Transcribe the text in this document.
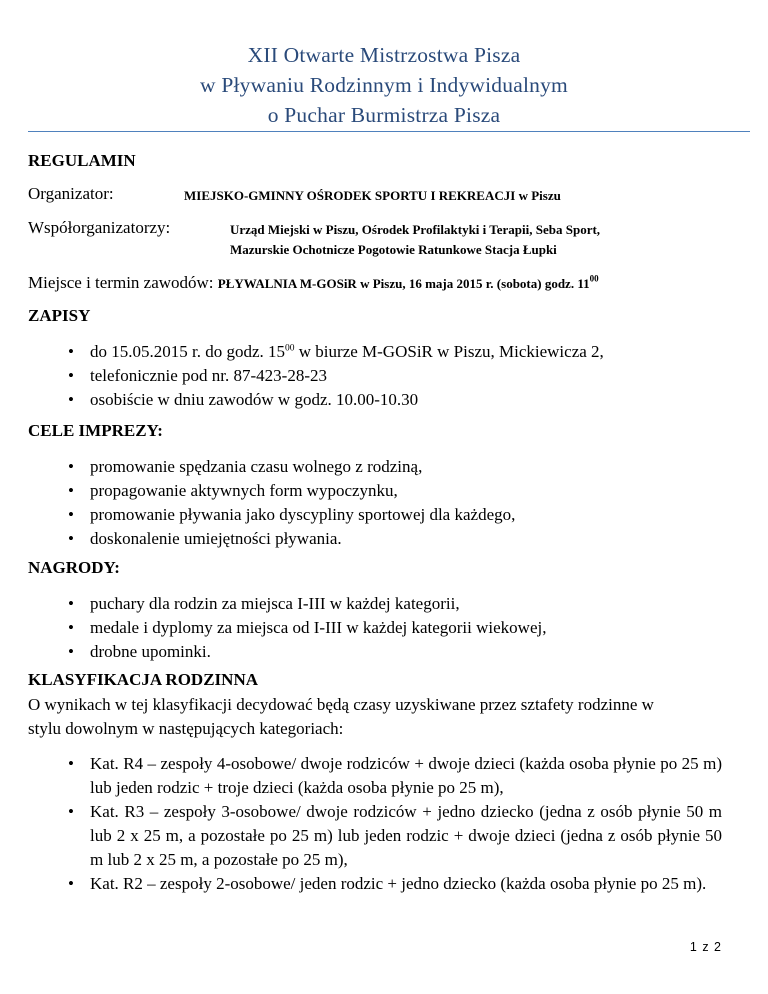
XII Otwarte Mistrzostwa Pisza
w Pływaniu Rodzinnym i Indywidualnym
o Puchar Burmistrza Pisza
REGULAMIN
Organizator:	MIEJSKO-GMINNY OŚRODEK SPORTU I REKREACJI w Piszu
Współorganizatorzy:	Urząd Miejski w Piszu, Ośrodek Profilaktyki i Terapii, Seba Sport,
Mazurskie Ochotnicze Pogotowie Ratunkowe Stacja Łupki
Miejsce i termin zawodów: PŁYWALNIA M-GOSiR w Piszu, 16 maja 2015 r. (sobota) godz. $11^{00}$
ZAPISY
• do 15.05.2015 r. do godz. $15^{00}$ w biurze M-GOSiR w Piszu, Mickiewicza 2,
• telefonicznie pod nr. 87-423-28-23
• osobiście w dniu zawodów w godz. 10.00-10.30
CELE IMPREZY:
• promowanie spędzania czasu wolnego z rodziną,
• propagowanie aktywnych form wypoczynku,
• promowanie pływania jako dyscypliny sportowej dla każdego,
• doskonalenie umiejętności pływania.
NAGRODY:
• puchary dla rodzin za miejsca I-III w każdej kategorii,
• medale i dyplomy za miejsca od I-III w każdej kategorii wiekowej,
• drobne upominki.
KLASYFIKACJA RODZINNA
O wynikach w tej klasyfikacji decydować będą czasy uzyskiwane przez sztafety rodzinne w
stylu dowolnym w następujących kategoriach:
• Kat. R4 – zespoły 4-osobowe/ dwoje rodziców + dwoje dzieci (każda osoba płynie po 25 m) lub jeden rodzic + troje dzieci (każda osoba płynie po 25 m),
• Kat. R3 – zespoły 3-osobowe/ dwoje rodziców + jedno dziecko (jedna z osób płynie 50 m lub 2 x 25 m, a pozostałe po 25 m) lub jeden rodzic + dwoje dzieci (jedna z osób płynie 50 m lub 2 x 25 m, a pozostałe po 25 m),
• Kat. R2 – zespoły 2-osobowe/ jeden rodzic + jedno dziecko (każda osoba płynie po 25 m).
1 z 2
